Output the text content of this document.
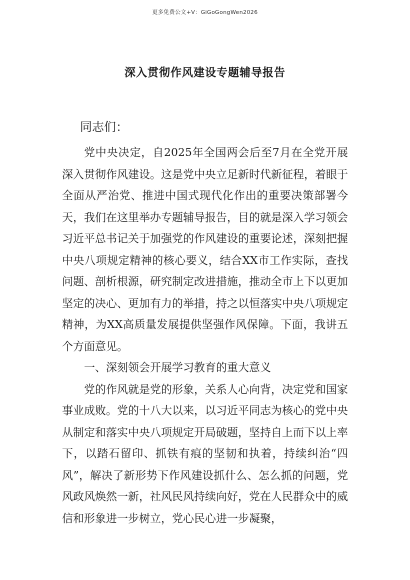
更多免费公文+V：GiGoGongWen2026
深入贯彻作风建设专题辅导报告
同志们：

党中央决定，自2025年全国两会后至7月在全党开展深入贯彻作风建设。这是党中央立足新时代新征程，着眼于全面从严治党、推进中国式现代化作出的重要决策部署今天，我们在这里举办专题辅导报告，目的就是深入学习领会习近平总书记关于加强党的作风建设的重要论述，深刻把握中央八项规定精神的核心要义，结合XX市工作实际，查找问题、剖析根源，研究制定改进措施，推动全市上下以更加坚定的决心、更加有力的举措，持之以恒落实中央八项规定精神，为XX高质量发展提供坚强作风保障。下面，我讲五个方面意见。

一、深刻领会开展学习教育的重大意义

党的作风就是党的形象，关系人心向背，决定党和国家事业成败。党的十八大以来，以习近平同志为核心的党中央从制定和落实中央八项规定开局破题，坚持自上而下以上率下，以踏石留印、抓铁有痕的坚韧和执着，持续纠治“四风”，解决了新形势下作风建设抓什么、怎么抓的问题，党风政风焕然一新，社风民风持续向好，党在人民群众中的威信和形象进一步树立，党心民心进一步凝聚，
